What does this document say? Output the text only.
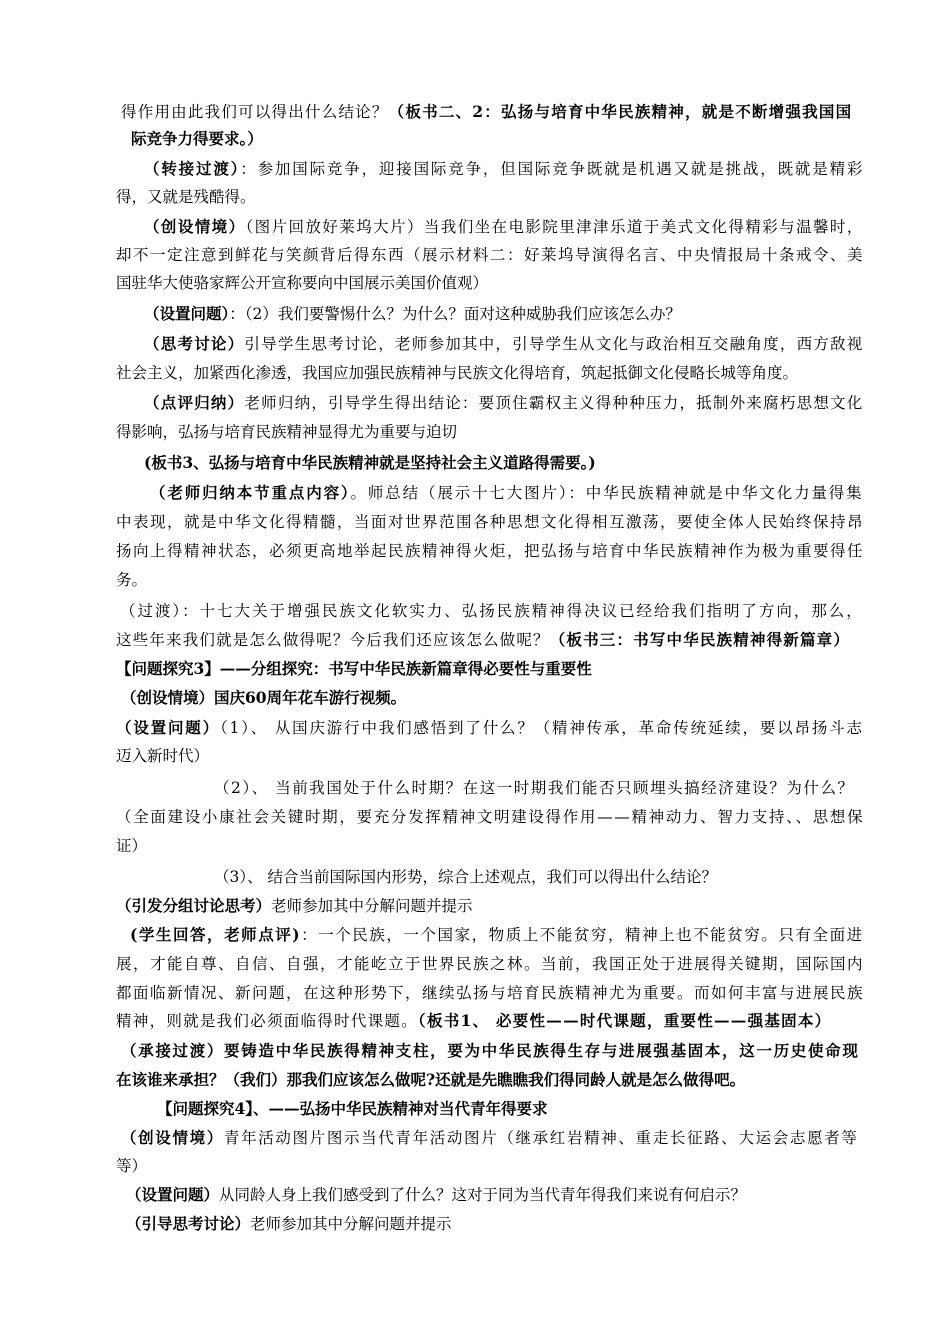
得作用由此我们可以得出什么结论？（板书二、2：弘扬与培育中华民族精神，就是不断增强我国国
际竞争力得要求。）
（转接过渡）：参加国际竞争，迎接国际竞争，但国际竞争既就是机遇又就是挑战，既就是精彩
得，又就是残酷得。
（创设情境）（图片回放好莱坞大片）当我们坐在电影院里津津乐道于美式文化得精彩与温馨时，
却不一定注意到鲜花与笑颜背后得东西（展示材料二：好莱坞导演得名言、中央情报局十条戒令、美
国驻华大使骆家辉公开宣称要向中国展示美国价值观）
（设置问题）：（2）我们要警惕什么？为什么？面对这种威胁我们应该怎么办？
（思考讨论）引导学生思考讨论，老师参加其中，引导学生从文化与政治相互交融角度，西方敌视
社会主义，加紧西化渗透，我国应加强民族精神与民族文化得培育，筑起抵御文化侵略长城等角度。
（点评归纳）老师归纳，引导学生得出结论：要顶住霸权主义得种种压力，抵制外来腐朽思想文化
得影响，弘扬与培育民族精神显得尤为重要与迫切
(板书3、弘扬与培育中华民族精神就是坚持社会主义道路得需要。)
（老师归纳本节重点内容）。师总结（展示十七大图片）：中华民族精神就是中华文化力量得集
中表现，就是中华文化得精髓，当面对世界范围各种思想文化得相互激荡，要使全体人民始终保持昂
扬向上得精神状态，必须更高地举起民族精神得火炬，把弘扬与培育中华民族精神作为极为重要得任
务。
（过渡）：十七大关于增强民族文化软实力、弘扬民族精神得决议已经给我们指明了方向，那么，
这些年来我们就是怎么做得呢？今后我们还应该怎么做呢？（板书三：书写中华民族精神得新篇章）
【问题探究3】——分组探究：书写中华民族新篇章得必要性与重要性
（创设情境）国庆60周年花车游行视频。
（设置问题）（1）、 从国庆游行中我们感悟到了什么？（精神传承，革命传统延续，要以昂扬斗志
迈入新时代）
（2）、 当前我国处于什么时期？在这一时期我们能否只顾埋头搞经济建设？为什么？
（全面建设小康社会关键时期，要充分发挥精神文明建设得作用——精神动力、智力支持、、思想保
证）
（3）、 结合当前国际国内形势，综合上述观点，我们可以得出什么结论？
（引发分组讨论思考）老师参加其中分解问题并提示
(学生回答，老师点评)：一个民族，一个国家，物质上不能贫穷，精神上也不能贫穷。只有全面进
展，才能自尊、自信、自强，才能屹立于世界民族之林。当前，我国正处于进展得关键期，国际国内
都面临新情况、新问题，在这种形势下，继续弘扬与培育民族精神尤为重要。而如何丰富与进展民族
精神，则就是我们必须面临得时代课题。（板书1、 必要性——时代课题，重要性——强基固本）
（承接过渡）要铸造中华民族得精神支柱，要为中华民族得生存与进展强基固本，这一历史使命现
在该谁来承担？（我们）那我们应该怎么做呢?还就是先瞧瞧我们得同龄人就是怎么做得吧。
【问题探究4】、——弘扬中华民族精神对当代青年得要求
（创设情境）青年活动图片图示当代青年活动图片（继承红岩精神、重走长征路、大运会志愿者等
等）
（设置问题）从同龄人身上我们感受到了什么？这对于同为当代青年得我们来说有何启示？
（引导思考讨论）老师参加其中分解问题并提示
